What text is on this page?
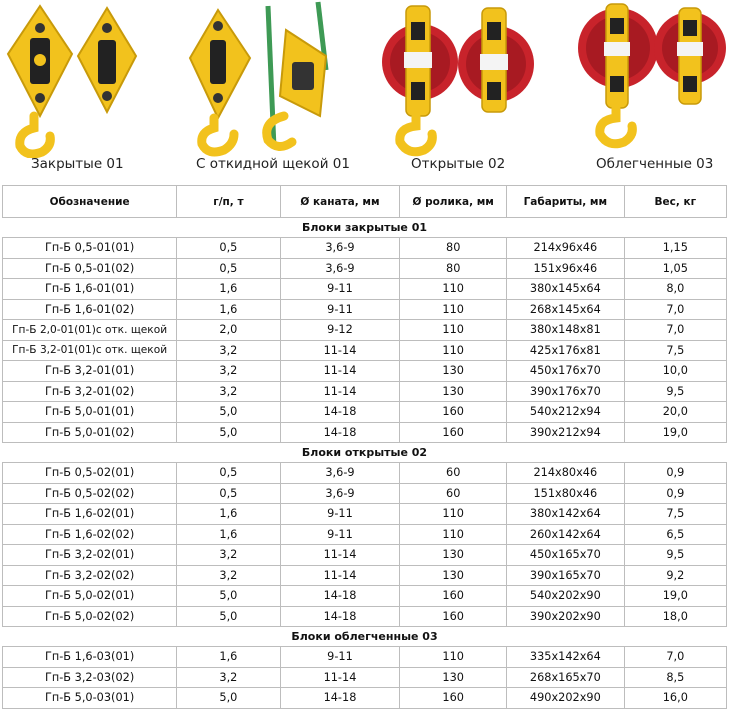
Закрытые 01	С откидной щекой 01	Открытые 02	Облегченные 03
Обозначение	г/п, т	Ø каната, мм	Ø ролика, мм	Габариты, мм	Вес, кг
Блоки закрытые 01					
Гп-Б 0,5-01(01)	0,5	3,6-9	80	214х96х46	1,15
Гп-Б 0,5-01(02)	0,5	3,6-9	80	151х96х46	1,05
Гп-Б 1,6-01(01)	1,6	9-11	110	380х145х64	8,0
Гп-Б 1,6-01(02)	1,6	9-11	110	268х145х64	7,0
Гп-Б 2,0-01(01)с отк. щекой	2,0	9-12	110	380х148х81	7,0
Гп-Б 3,2-01(01)с отк. щекой	3,2	11-14	110	425х176х81	7,5
Гп-Б 3,2-01(01)	3,2	11-14	130	450х176х70	10,0
Гп-Б 3,2-01(02)	3,2	11-14	130	390х176х70	9,5
Гп-Б 5,0-01(01)	5,0	14-18	160	540х212х94	20,0
Гп-Б 5,0-01(02)	5,0	14-18	160	390х212х94	19,0
Блоки открытые 02					
Гп-Б 0,5-02(01)	0,5	3,6-9	60	214х80х46	0,9
Гп-Б 0,5-02(02)	0,5	3,6-9	60	151х80х46	0,9
Гп-Б 1,6-02(01)	1,6	9-11	110	380х142х64	7,5
Гп-Б 1,6-02(02)	1,6	9-11	110	260х142х64	6,5
Гп-Б 3,2-02(01)	3,2	11-14	130	450х165х70	9,5
Гп-Б 3,2-02(02)	3,2	11-14	130	390х165х70	9,2
Гп-Б 5,0-02(01)	5,0	14-18	160	540х202х90	19,0
Гп-Б 5,0-02(02)	5,0	14-18	160	390х202х90	18,0
Блоки облегченные 03					
Гп-Б 1,6-03(01)	1,6	9-11	110	335х142х64	7,0
Гп-Б 3,2-03(02)	3,2	11-14	130	268х165х70	8,5
Гп-Б 5,0-03(01)	5,0	14-18	160	490х202х90	16,0
